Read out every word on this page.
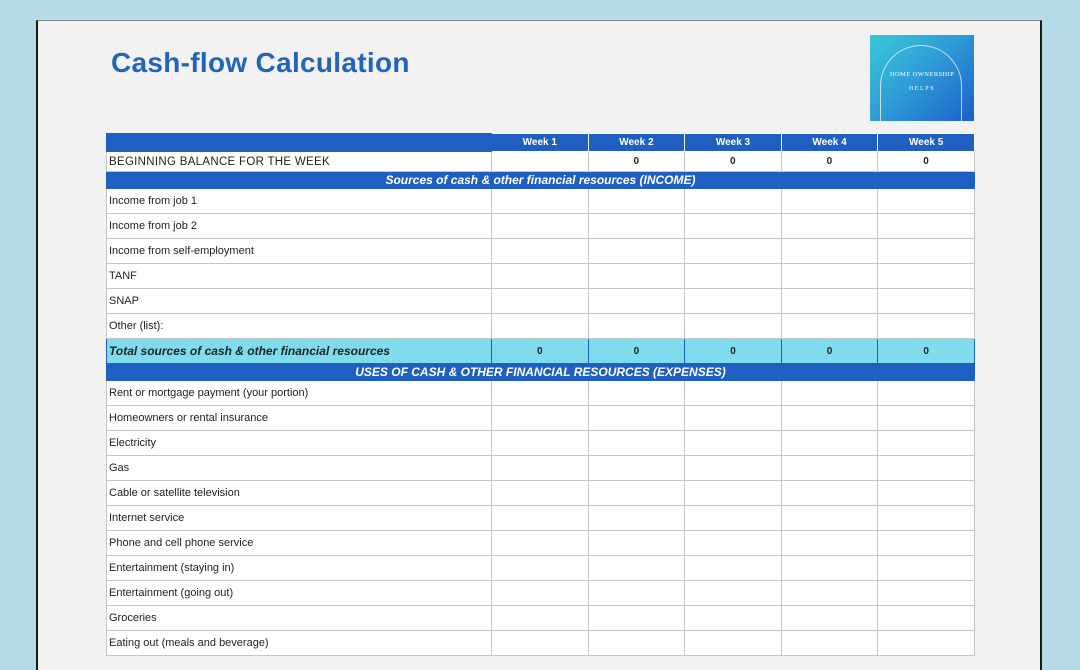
Cash-flow Calculation	HOME OWNERSHIP
HELPS
	Week 1	Week 2	Week 3	Week 4	Week 5
BEGINNING BALANCE FOR THE WEEK		0	0	0	0
Sources of cash & other financial resources (INCOME)					
Income from job 1					
Income from job 2					
Income from self-employment					
TANF					
SNAP					
Other (list):					
Total sources of cash & other financial resources	0	0	0	0	0
USES OF CASH & OTHER FINANCIAL RESOURCES (EXPENSES)					
Rent or mortgage payment (your portion)					
Homeowners or rental insurance					
Electricity					
Gas					
Cable or satellite television					
Internet service					
Phone and cell phone service					
Entertainment (staying in)					
Entertainment (going out)					
Groceries					
Eating out (meals and beverage)					
